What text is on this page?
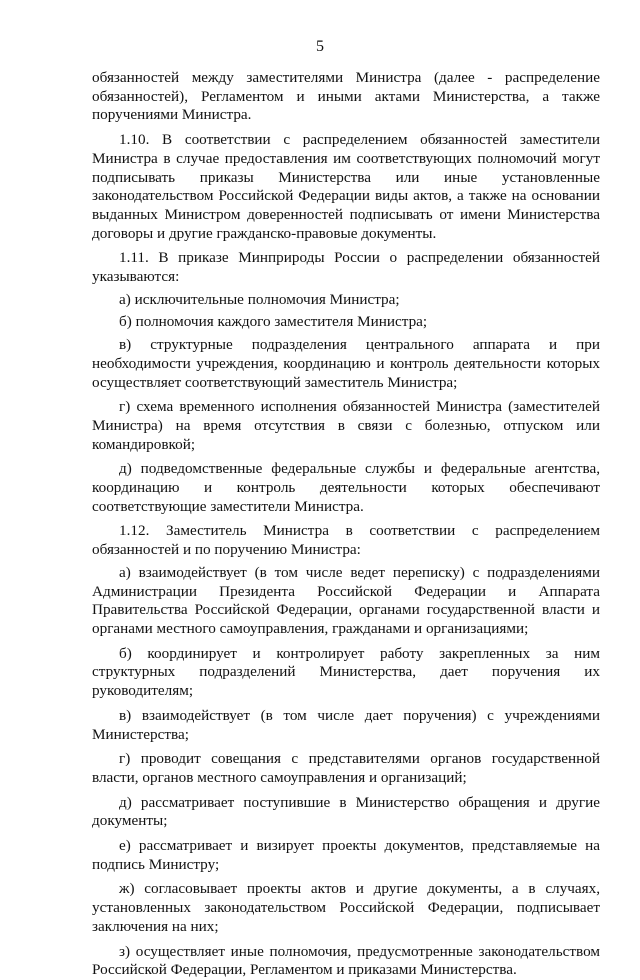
5

обязанностей между заместителями Министра (далее - распределение обязанностей), Регламентом и иными актами Министерства, а также поручениями Министра.

1.10. В соответствии с распределением обязанностей заместители Министра в случае предоставления им соответствующих полномочий могут подписывать приказы Министерства или иные установленные законодательством Российской Федерации виды актов, а также на основании выданных Министром доверенностей подписывать от имени Министерства договоры и другие гражданско-правовые документы.

1.11. В приказе Минприроды России о распределении обязанностей указываются:

а) исключительные полномочия Министра;

б) полномочия каждого заместителя Министра;

в) структурные подразделения центрального аппарата и при необходимости учреждения, координацию и контроль деятельности которых осуществляет соответствующий заместитель Министра;

г) схема временного исполнения обязанностей Министра (заместителей Министра) на время отсутствия в связи с болезнью, отпуском или командировкой;

д) подведомственные федеральные службы и федеральные агентства, координацию и контроль деятельности которых обеспечивают соответствующие заместители Министра.

1.12. Заместитель Министра в соответствии с распределением обязанностей и по поручению Министра:

а) взаимодействует (в том числе ведет переписку) с подразделениями Администрации Президента Российской Федерации и Аппарата Правительства Российской Федерации, органами государственной власти и органами местного самоуправления, гражданами и организациями;

б) координирует и контролирует работу закрепленных за ним структурных подразделений Министерства, дает поручения их руководителям;

в) взаимодействует (в том числе дает поручения) с учреждениями Министерства;

г) проводит совещания с представителями органов государственной власти, органов местного самоуправления и организаций;

д) рассматривает поступившие в Министерство обращения и другие документы;

е) рассматривает и визирует проекты документов, представляемые на подпись Министру;

ж) согласовывает проекты актов и другие документы, а в случаях, установленных законодательством Российской Федерации, подписывает заключения на них;

з) осуществляет иные полномочия, предусмотренные законодательством Российской Федерации, Регламентом и приказами Министерства.
